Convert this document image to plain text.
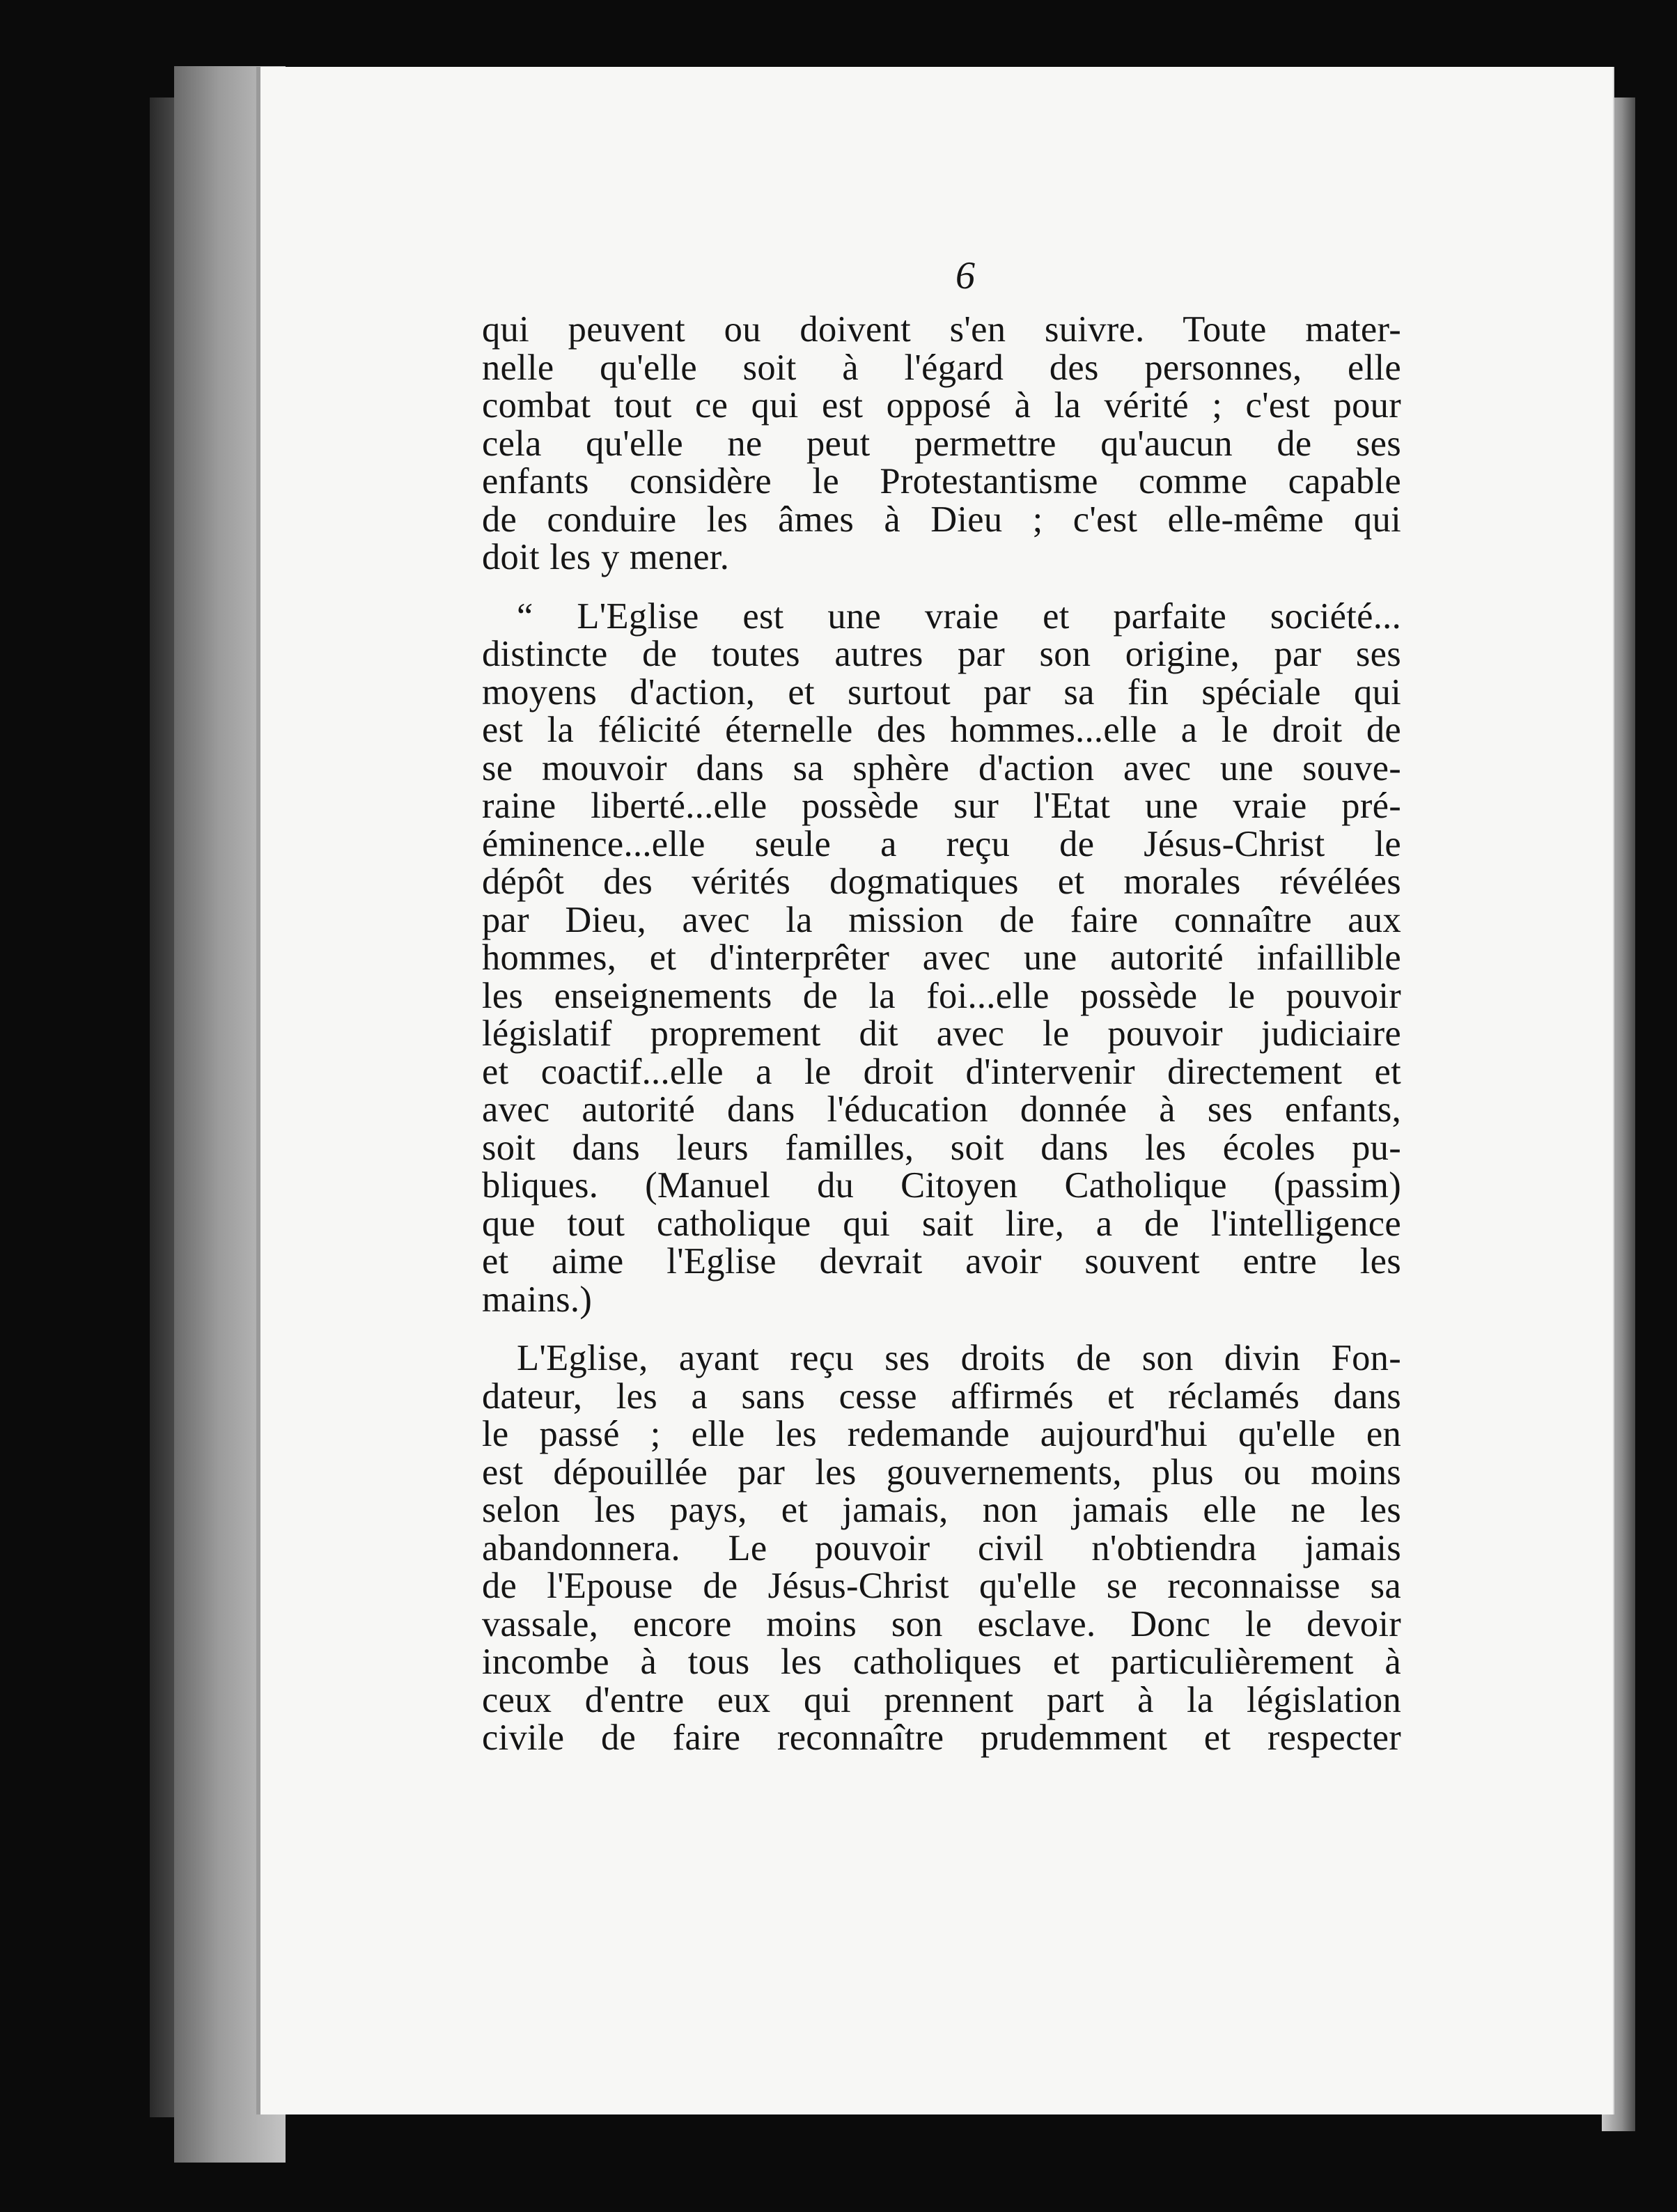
6
qui peuvent ou doivent s'en suivre. Toute mater-
nelle qu'elle soit à l'égard des personnes, elle
combat tout ce qui est opposé à la vérité ; c'est pour
cela qu'elle ne peut permettre qu'aucun de ses
enfants considère le Protestantisme comme capable
de conduire les âmes à Dieu ; c'est elle-même qui
doit les y mener.
“ L'Eglise est une vraie et parfaite société...
distincte de toutes autres par son origine, par ses
moyens d'action, et surtout par sa fin spéciale qui
est la félicité éternelle des hommes...elle a le droit de
se mouvoir dans sa sphère d'action avec une souve-
raine liberté...elle possède sur l'Etat une vraie pré-
éminence...elle seule a reçu de Jésus-Christ le
dépôt des vérités dogmatiques et morales révélées
par Dieu, avec la mission de faire connaître aux
hommes, et d'interprêter avec une autorité infaillible
les enseignements de la foi...elle possède le pouvoir
législatif proprement dit avec le pouvoir judiciaire
et coactif...elle a le droit d'intervenir directement et
avec autorité dans l'éducation donnée à ses enfants,
soit dans leurs familles, soit dans les écoles pu-
bliques. (Manuel du Citoyen Catholique (passim)
que tout catholique qui sait lire, a de l'intelligence
et aime l'Eglise devrait avoir souvent entre les
mains.)
L'Eglise, ayant reçu ses droits de son divin Fon-
dateur, les a sans cesse affirmés et réclamés dans
le passé ; elle les redemande aujourd'hui qu'elle en
est dépouillée par les gouvernements, plus ou moins
selon les pays, et jamais, non jamais elle ne les
abandonnera. Le pouvoir civil n'obtiendra jamais
de l'Epouse de Jésus-Christ qu'elle se reconnaisse sa
vassale, encore moins son esclave. Donc le devoir
incombe à tous les catholiques et particulièrement à
ceux d'entre eux qui prennent part à la législation
civile de faire reconnaître prudemment et respecter
